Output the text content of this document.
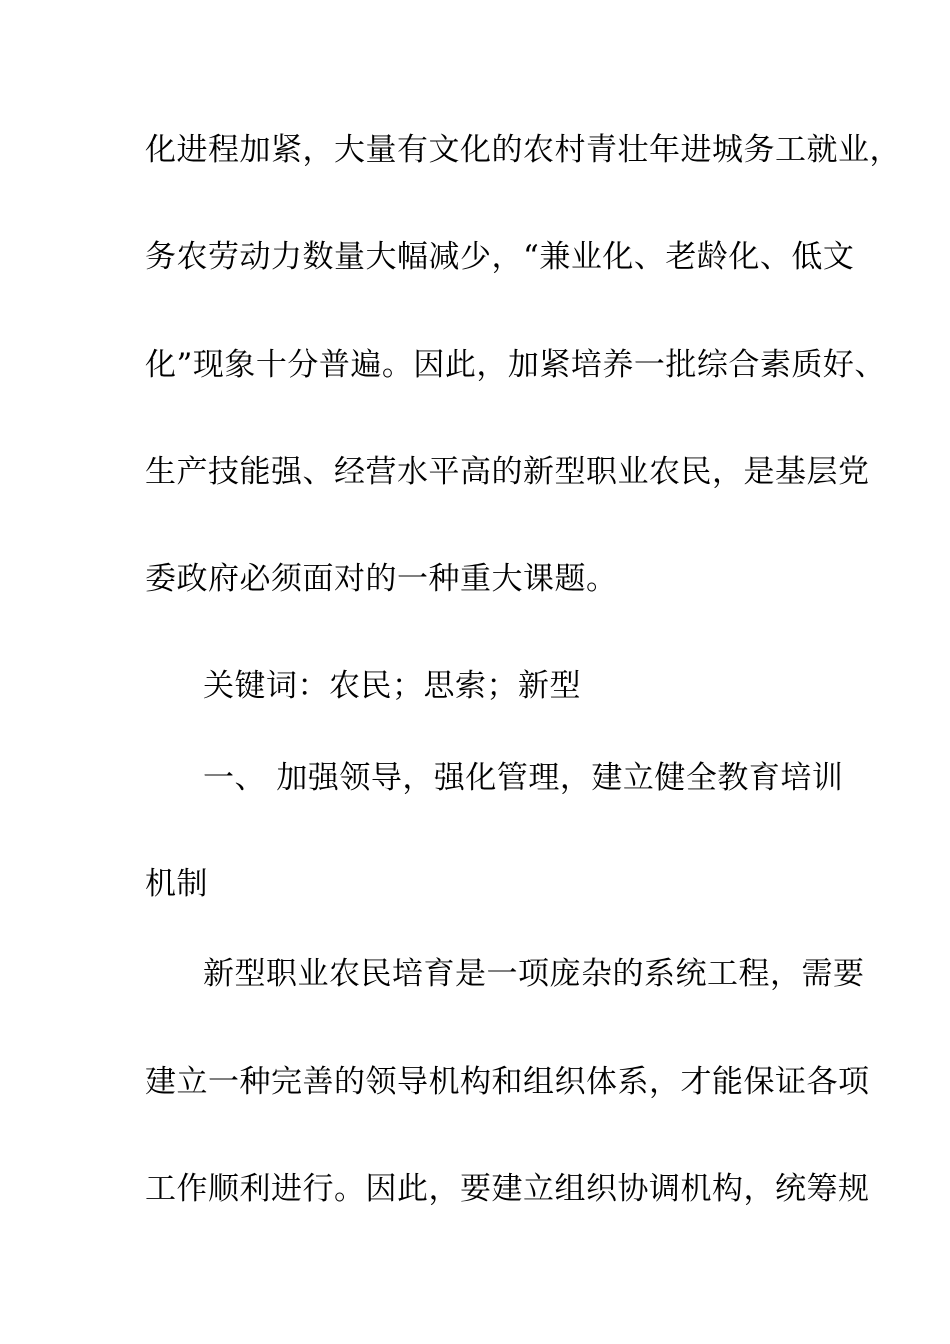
化进程加紧，大量有文化的农村青壮年进城务工就业，
务农劳动力数量大幅减少，“兼业化、老龄化、低文
化”现象十分普遍。因此，加紧培养一批综合素质好、
生产技能强、经营水平高的新型职业农民，是基层党
委政府必须面对的一种重大课题。
关键词：农民；思索；新型
一、 加强领导，强化管理，建立健全教育培训
机制
新型职业农民培育是一项庞杂的系统工程，需要
建立一种完善的领导机构和组织体系，才能保证各项
工作顺利进行。因此，要建立组织协调机构，统筹规
